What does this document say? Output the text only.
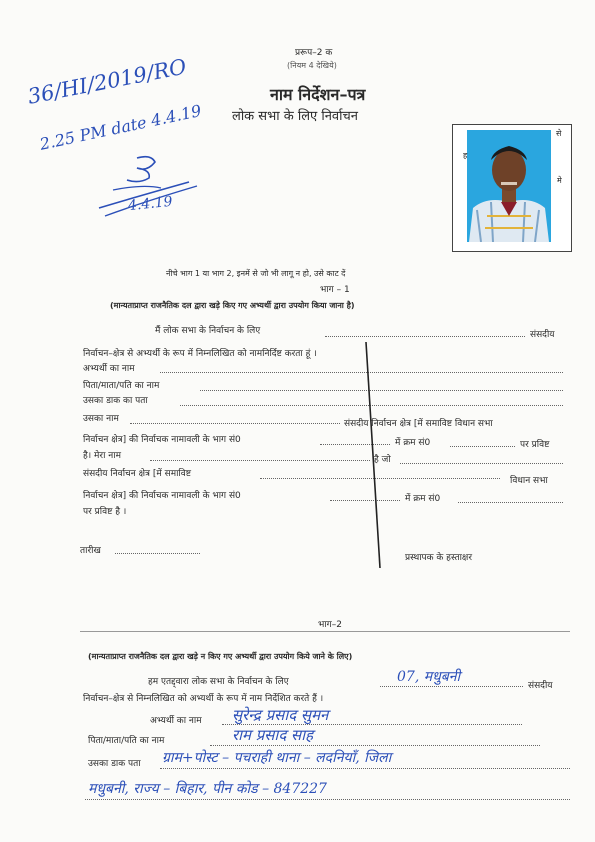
प्ररूप–2 क
(नियम 4 देखिये)
नाम निर्देशन–पत्र
लोक सभा के लिए निर्वाचन
36/HI/2019/RO
2.25 PM date 4.4.19
4.4.19
से
मे
ह
नीचे भाग 1 या भाग 2, इनमें से जो भी लागू न हो, उसे काट दें
भाग – 1
(मान्यताप्राप्त राजनैतिक दल द्वारा खड़े किए गए अभ्यर्थी द्वारा उपयोग किया जाना है)
मैं लोक सभा के निर्वाचन के लिए	संसदीय
निर्वाचन–क्षेत्र से अभ्यर्थी के रूप में निम्नलिखित को नामनिर्दिष्ट करता हूं ।
अभ्यर्थी का नाम
पिता/माता/पति का नाम
उसका डाक का पता
उसका नाम	संसदीय निर्वाचन क्षेत्र [में समाविष्ट विधान सभा
निर्वाचन क्षेत्र] की निर्वाचक नामावली के भाग सं0	में क्रम सं0	पर प्रविष्ट
है। मेरा नाम	है जो
संसदीय निर्वाचन क्षेत्र [में समाविष्ट
विधान सभा
निर्वाचन क्षेत्र] की निर्वाचक नामावली के भाग सं0	में क्रम सं0
पर प्रविष्ट है ।
तारीख
प्रस्थापक के हस्ताक्षर
भाग–2
(मान्यताप्राप्त राजनैतिक दल द्वारा खड़े न किए गए अभ्यर्थी द्वारा उपयोग किये जाने के लिए)
हम एतद्द्वारा लोक सभा के निर्वाचन के लिए	07, मधुबनी
संसदीय
निर्वाचन–क्षेत्र से निम्नलिखित को अभ्यर्थी के रूप में नाम निर्देशित करते हैं ।
अभ्यर्थी का नाम सुरेन्द्र प्रसाद सुमन
पिता/माता/पति का नाम	राम प्रसाद साह
उसका डाक पता ग्राम+पोस्ट – पचराही थाना – लदनियाँ, जिला
मधुबनी, राज्य – बिहार, पीन कोड – 847227
